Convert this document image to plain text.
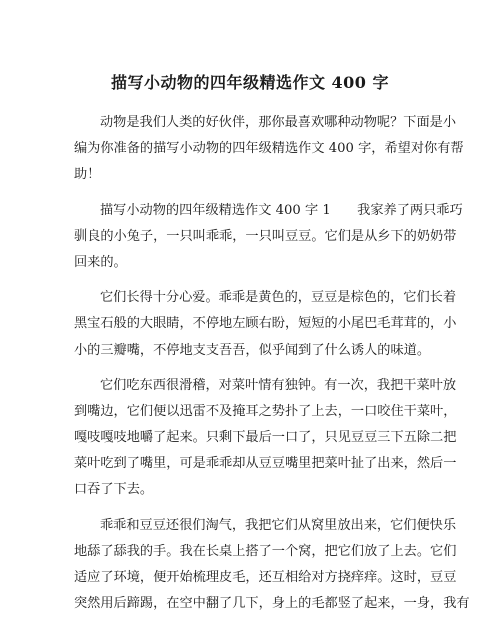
描写小动物的四年级精选作文 400 字
动物是我们人类的好伙伴，那你最喜欢哪种动物呢？下面是小
编为你准备的描写小动物的四年级精选作文 400 字，希望对你有帮
助！
描写小动物的四年级精选作文 400 字 1　　我家养了两只乖巧
驯良的小兔子，一只叫乖乖，一只叫豆豆。它们是从乡下的奶奶带
回来的。
它们长得十分心爱。乖乖是黄色的，豆豆是棕色的，它们长着
黑宝石般的大眼睛，不停地左顾右盼，短短的小尾巴毛茸茸的，小
小的三瓣嘴，不停地支支吾吾，似乎闻到了什么诱人的味道。
它们吃东西很滑稽，对菜叶情有独钟。有一次，我把干菜叶放
到嘴边，它们便以迅雷不及掩耳之势扑了上去，一口咬住干菜叶，
嘎吱嘎吱地嚼了起来。只剩下最后一口了，只见豆豆三下五除二把
菜叶吃到了嘴里，可是乖乖却从豆豆嘴里把菜叶扯了出来，然后一
口吞了下去。
乖乖和豆豆还很们淘气，我把它们从窝里放出来，它们便快乐
地舔了舔我的手。我在长桌上搭了一个窝，把它们放了上去。它们
适应了环境，便开始梳理皮毛，还互相给对方挠痒痒。这时，豆豆
突然用后蹄踢，在空中翻了几下，身上的毛都竖了起来，一身，我有
